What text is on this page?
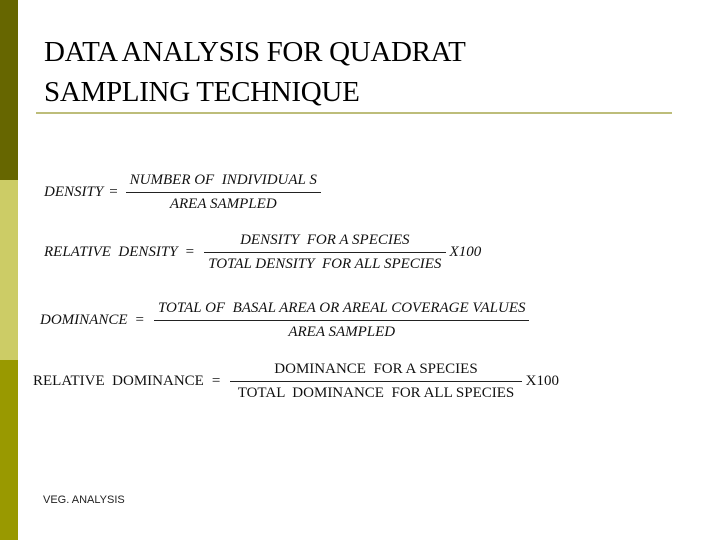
DATA ANALYSIS FOR QUADRAT
SAMPLING TECHNIQUE
DENSITY = $\frac{\text{NUMBER OF  INDIVIDUAL S}}{\text{AREA SAMPLED}}$
RELATIVE  DENSITY = $\frac{\text{DENSITY  FOR A SPECIES}}{\text{TOTAL DENSITY  FOR ALL SPECIES}} X100$
DOMINANCE = $\frac{\text{TOTAL OF  BASAL AREA OR AREAL COVERAGE VALUES}}{\text{AREA SAMPLED}}$
RELATIVE  DOMINANCE = $\frac{\text{DOMINANCE  FOR A SPECIES}}{\text{TOTAL  DOMINANCE  FOR ALL SPECIES}} X100$
VEG. ANALYSIS
